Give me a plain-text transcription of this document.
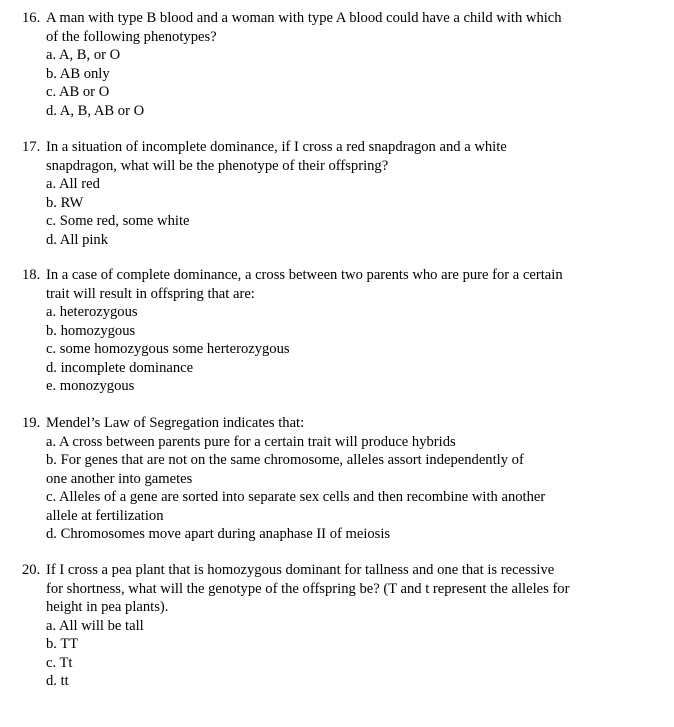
16. A man with type B blood and a woman with type A blood could have a child with which
of the following phenotypes?
a. A, B, or O
b. AB only
c. AB or O
d. A, B, AB or O
17. In a situation of incomplete dominance, if I cross a red snapdragon and a white
snapdragon, what will be the phenotype of their offspring?
a. All red
b. RW
c. Some red, some white
d. All pink
18. In a case of complete dominance, a cross between two parents who are pure for a certain
trait will result in offspring that are:
a. heterozygous
b. homozygous
c. some homozygous some herterozygous
d. incomplete dominance
e. monozygous
19. Mendel’s Law of Segregation indicates that:
a. A cross between parents pure for a certain trait will produce hybrids
b. For genes that are not on the same chromosome, alleles assort independently of
one another into gametes
c. Alleles of a gene are sorted into separate sex cells and then recombine with another
allele at fertilization
d. Chromosomes move apart during anaphase II of meiosis
20. If I cross a pea plant that is homozygous dominant for tallness and one that is recessive
for shortness, what will the genotype of the offspring be? (T and t represent the alleles for
height in pea plants).
a. All will be tall
b. TT
c. Tt
d. tt
